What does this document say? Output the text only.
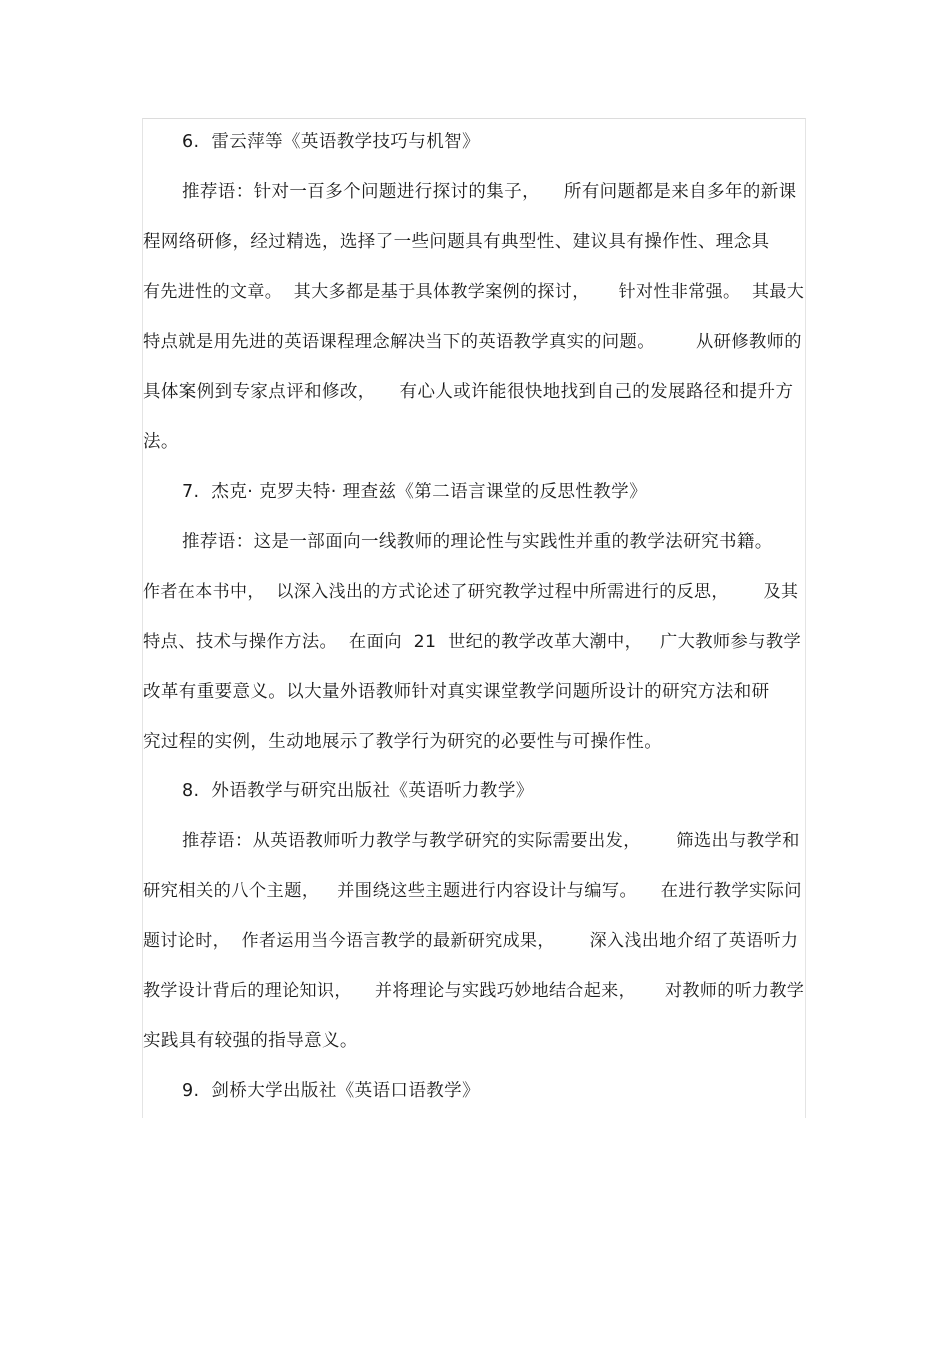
6.  雷云萍等《英语教学技巧与机智》
推荐语：针对一百多个问题进行探讨的集子，    所有问题都是来自多年的新课
程网络研修，经过精选，选择了一些问题具有典型性、建议具有操作性、理念具
有先进性的文章。  其大多都是基于具体教学案例的探讨，     针对性非常强。  其最大
特点就是用先进的英语课程理念解决当下的英语教学真实的问题。       从研修教师的
具体案例到专家点评和修改，    有心人或许能很快地找到自己的发展路径和提升方
法。
7.  杰克· 克罗夫特· 理查兹《第二语言课堂的反思性教学》
推荐语：这是一部面向一线教师的理论性与实践性并重的教学法研究书籍。
作者在本书中，  以深入浅出的方式论述了研究教学过程中所需进行的反思，      及其
特点、技术与操作方法。  在面向  21  世纪的教学改革大潮中，   广大教师参与教学
改革有重要意义。以大量外语教师针对真实课堂教学问题所设计的研究方法和研
究过程的实例，生动地展示了教学行为研究的必要性与可操作性。
8.  外语教学与研究出版社《英语听力教学》
推荐语：从英语教师听力教学与教学研究的实际需要出发，      筛选出与教学和
研究相关的八个主题，   并围绕这些主题进行内容设计与编写。    在进行教学实际问
题讨论时，  作者运用当今语言教学的最新研究成果，      深入浅出地介绍了英语听力
教学设计背后的理论知识，    并将理论与实践巧妙地结合起来，     对教师的听力教学
实践具有较强的指导意义。
9.  剑桥大学出版社《英语口语教学》
